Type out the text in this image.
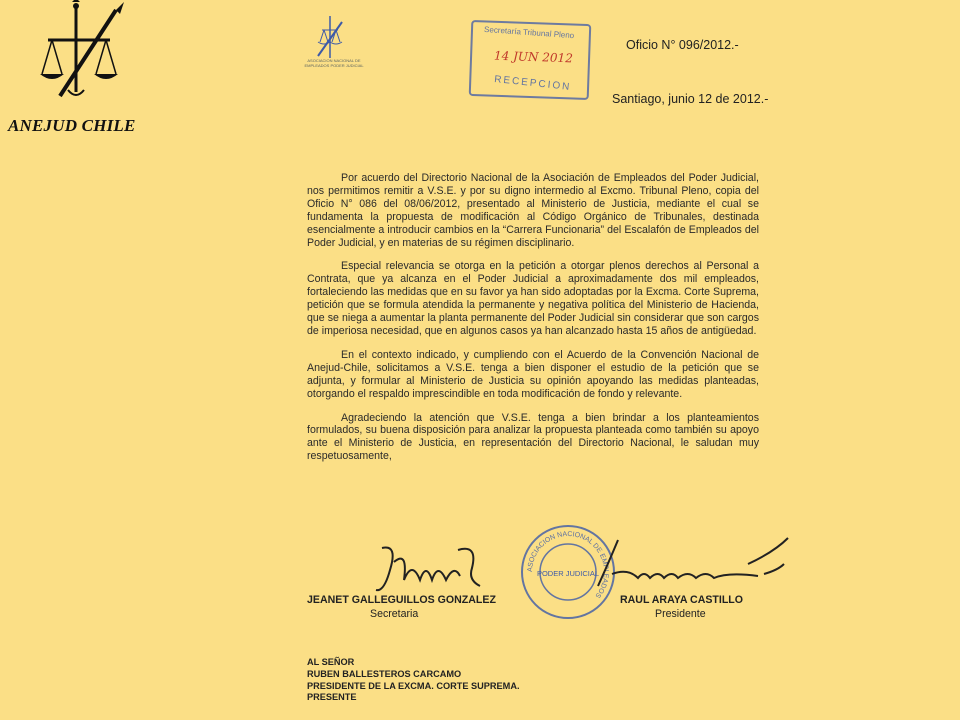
ANEJUD CHILE
ASOCIACION NACIONAL DE EMPLEADOS PODER JUDICIAL
Secretaría Tribunal Pleno
14 JUN 2012
RECEPCION
Oficio N° 096/2012.-
Santiago, junio 12 de 2012.-

Por acuerdo del Directorio Nacional de la Asociación de Empleados del Poder Judicial, nos permitimos remitir a V.S.E. y por su digno intermedio al Excmo. Tribunal Pleno, copia del Oficio N° 086 del 08/06/2012, presentado al Ministerio de Justicia, mediante el cual se fundamenta la propuesta de modificación al Código Orgánico de Tribunales, destinada esencialmente a introducir cambios en la “Carrera Funcionaria” del Escalafón de Empleados del Poder Judicial, y en materias de su régimen disciplinario.

Especial relevancia se otorga en la petición a otorgar plenos derechos al Personal a Contrata, que ya alcanza en el Poder Judicial a aproximadamente dos mil empleados, fortaleciendo las medidas que en su favor ya han sido adoptadas por la Excma. Corte Suprema, petición que se formula atendida la permanente y negativa política del Ministerio de Hacienda, que se niega a aumentar la planta permanente del Poder Judicial sin considerar que son cargos de imperiosa necesidad, que en algunos casos ya han alcanzado hasta 15 años de antigüedad.

En el contexto indicado, y cumpliendo con el Acuerdo de la Convención Nacional de Anejud-Chile, solicitamos a V.S.E. tenga a bien disponer el estudio de la petición que se adjunta, y formular al Ministerio de Justicia su opinión apoyando las medidas planteadas, otorgando el respaldo imprescindible en toda modificación de fondo y relevante.

Agradeciendo la atención que V.S.E. tenga a bien brindar a los planteamientos formulados, su buena disposición para analizar la propuesta planteada como también su apoyo ante el Ministerio de Justicia, en representación del Directorio Nacional, le saludan muy respetuosamente,

ASOCIACION NACIONAL DE EMPLEADOS
PODER JUDICIAL
JEANET GALLEGUILLOS GONZALEZ
Secretaria
RAUL ARAYA CASTILLO
Presidente
AL SEÑOR
RUBEN BALLESTEROS CARCAMO
PRESIDENTE DE LA EXCMA. CORTE SUPREMA.
PRESENTE
